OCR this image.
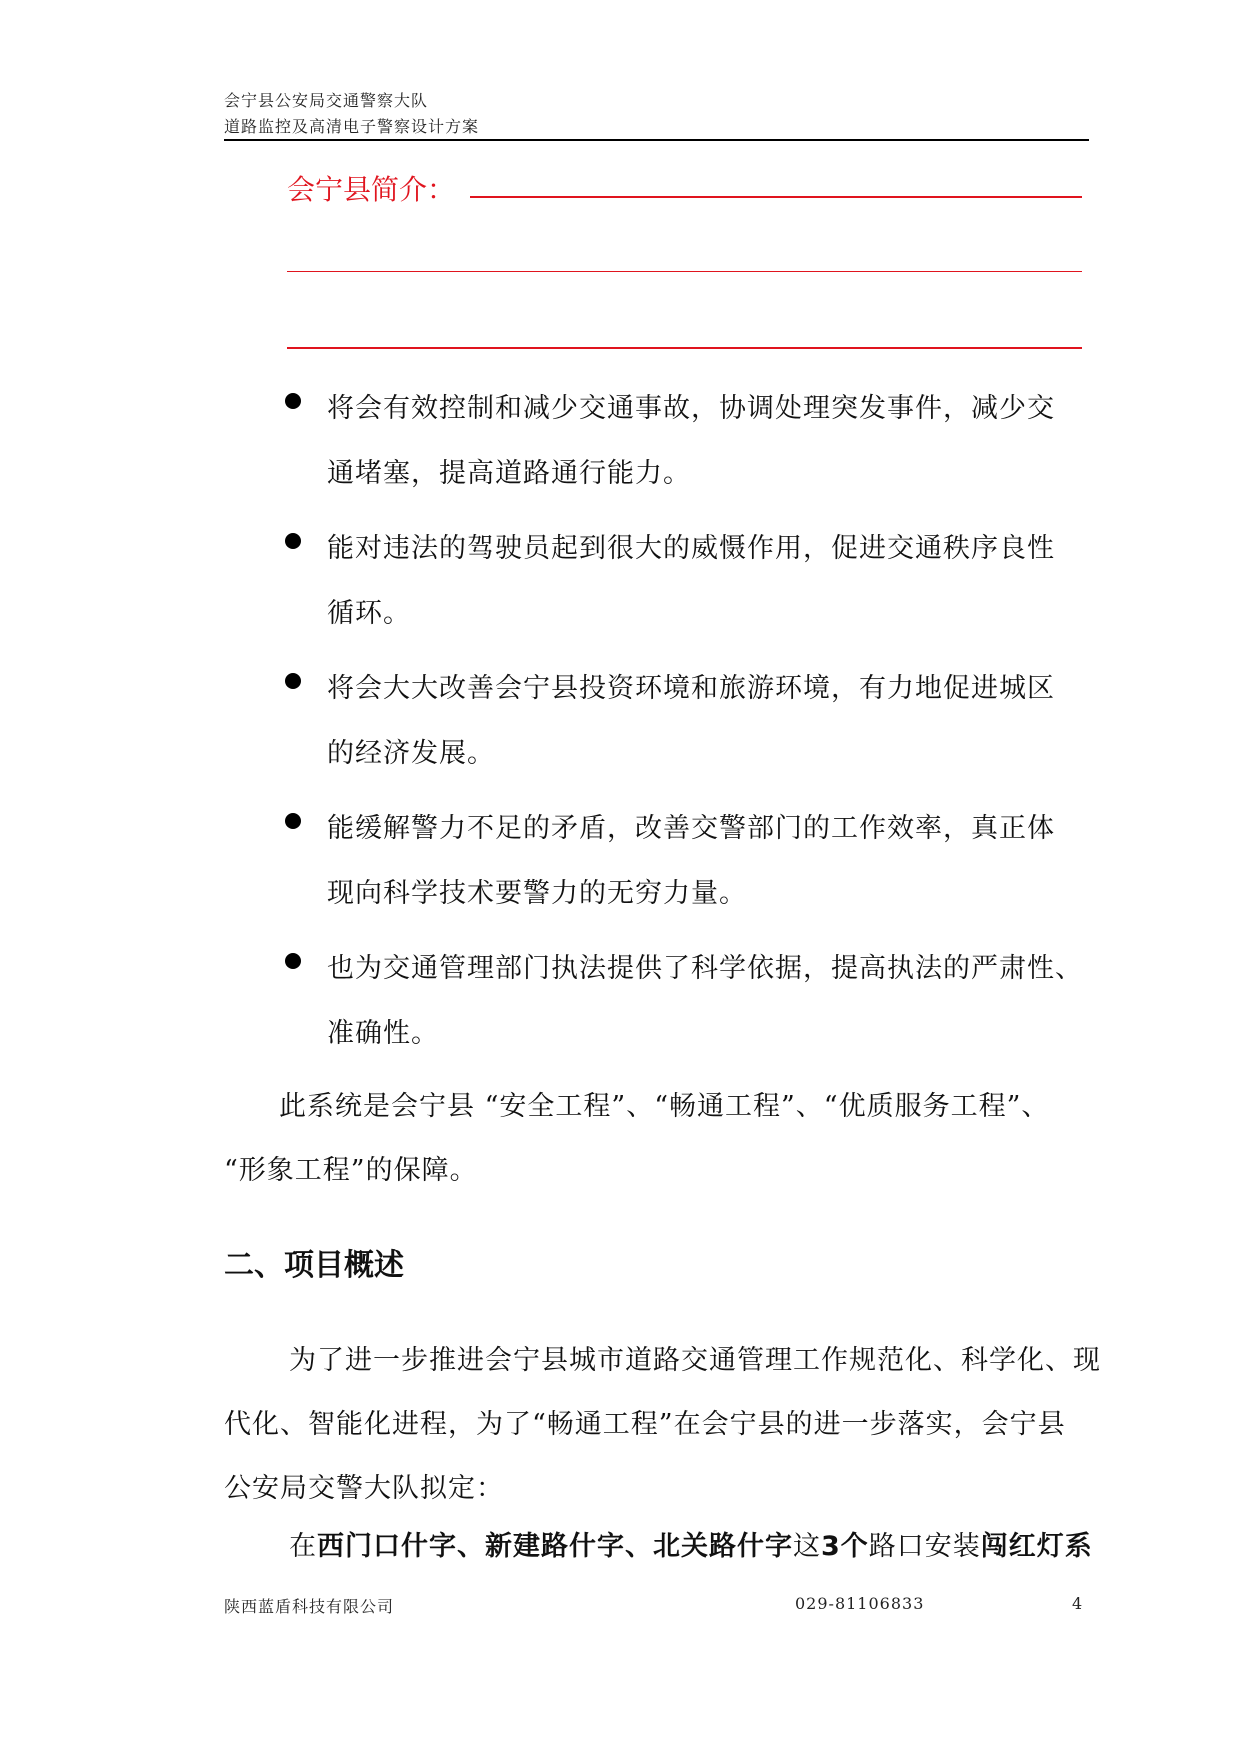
会宁县公安局交通警察大队
道路监控及高清电子警察设计方案
会宁县简介：
将会有效控制和减少交通事故，协调处理突发事件，减少交
通堵塞，提高道路通行能力。
能对违法的驾驶员起到很大的威慑作用，促进交通秩序良性
循环。
将会大大改善会宁县投资环境和旅游环境，有力地促进城区
的经济发展。
能缓解警力不足的矛盾，改善交警部门的工作效率，真正体
现向科学技术要警力的无穷力量。
也为交通管理部门执法提供了科学依据，提高执法的严肃性、
准确性。
此系统是会宁县 “安全工程”、“畅通工程”、“优质服务工程”、
“形象工程”的保障。
二、项目概述
为了进一步推进会宁县城市道路交通管理工作规范化、科学化、现
代化、智能化进程，为了“畅通工程”在会宁县的进一步落实，会宁县
公安局交警大队拟定：
在西门口什字、新建路什字、北关路什字这3个路口安装闯红灯系
陕西蓝盾科技有限公司	029-81106833	4
